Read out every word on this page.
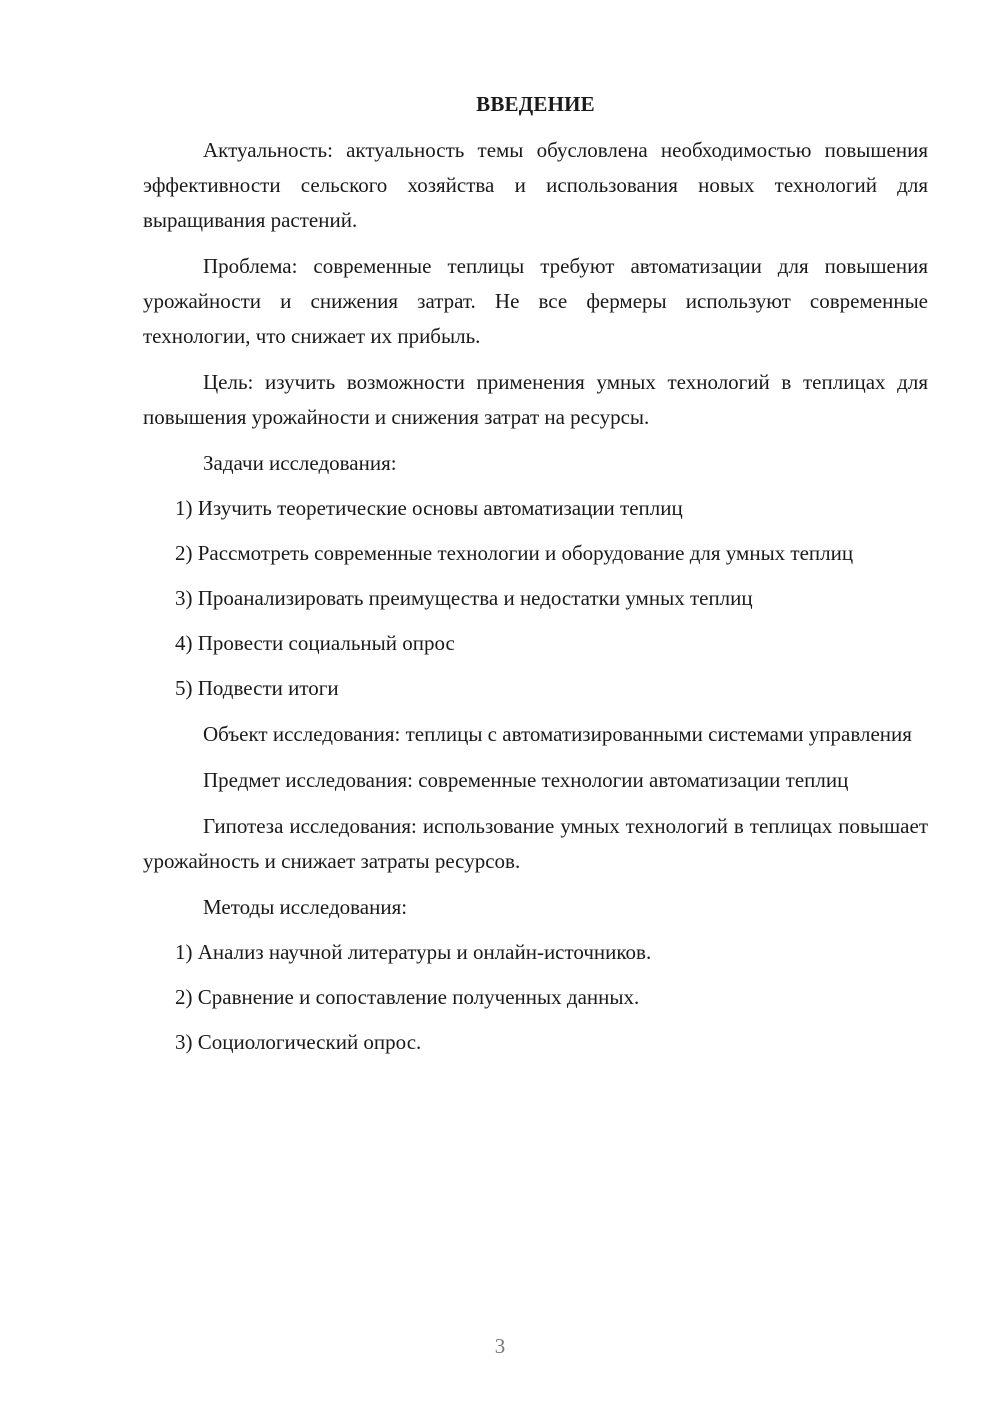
ВВЕДЕНИЕ

Актуальность: актуальность темы обусловлена необходимостью повышения эффективности сельского хозяйства и использования новых технологий для выращивания растений.

Проблема: современные теплицы требуют автоматизации для повышения урожайности и снижения затрат. Не все фермеры используют современные технологии, что снижает их прибыль.

Цель: изучить возможности применения умных технологий в теплицах для повышения урожайности и снижения затрат на ресурсы.

Задачи исследования:

1) Изучить теоретические основы автоматизации теплиц

2) Рассмотреть современные технологии и оборудование для умных теплиц

3) Проанализировать преимущества и недостатки умных теплиц

4) Провести социальный опрос

5) Подвести итоги

Объект исследования: теплицы с автоматизированными системами управления

Предмет исследования: современные технологии автоматизации теплиц

Гипотеза исследования: использование умных технологий в теплицах повышает урожайность и снижает затраты ресурсов.

Методы исследования:

1) Анализ научной литературы и онлайн-источников.

2) Сравнение и сопоставление полученных данных.

3) Социологический опрос.

3
